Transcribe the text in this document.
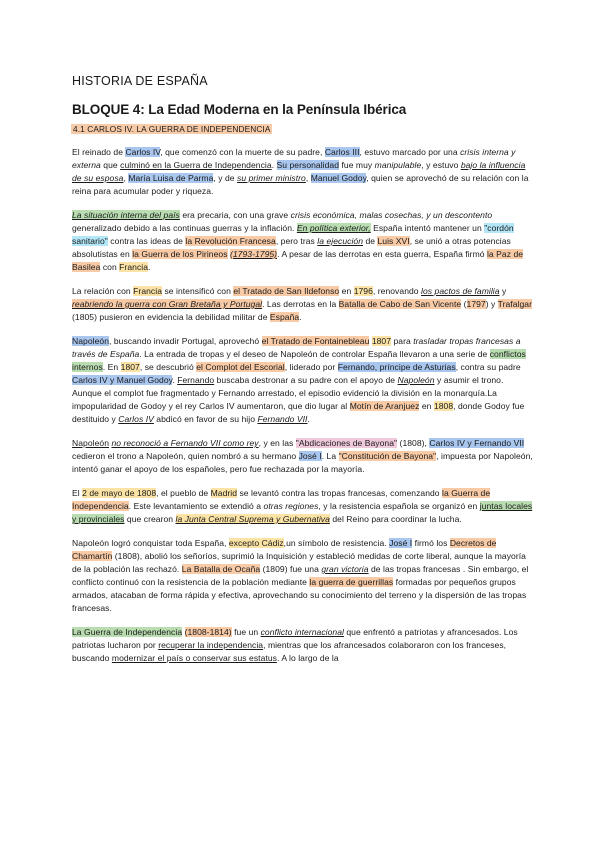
HISTORIA DE ESPAÑA
BLOQUE 4: La Edad Moderna en la Península Ibérica
4.1 CARLOS IV. LA GUERRA DE INDEPENDENCIA

El reinado de Carlos IV, que comenzó con la muerte de su padre, Carlos III, estuvo marcado por una crisis interna y externa que culminó en la Guerra de Independencia. Su personalidad fue muy manipulable, y estuvo bajo la influencia de su esposa, María Luisa de Parma, y de su primer ministro, Manuel Godoy, quien se aprovechó de su relación con la reina para acumular poder y riqueza.

La situación interna del país era precaria, con una grave crisis económica, malas cosechas, y un descontento generalizado debido a las continuas guerras y la inflación. En política exterior, España intentó mantener un "cordón sanitario" contra las ideas de la Revolución Francesa, pero tras la ejecución de Luis XVI, se unió a otras potencias absolutistas en la Guerra de los Pirineos (1793-1795). A pesar de las derrotas en esta guerra, España firmó la Paz de Basilea con Francia.

La relación con Francia se intensificó con el Tratado de San Ildefonso en 1796, renovando los pactos de familia y reabriendo la guerra con Gran Bretaña y Portugal. Las derrotas en la Batalla de Cabo de San Vicente (1797) y Trafalgar (1805) pusieron en evidencia la debilidad militar de España.

Napoleón, buscando invadir Portugal, aprovechó el Tratado de Fontainebleau 1807 para trasladar tropas francesas a través de España. La entrada de tropas y el deseo de Napoleón de controlar España llevaron a una serie de conflictos internos. En 1807, se descubrió el Complot del Escorial, liderado por Fernando, príncipe de Asturias, contra su padre Carlos IV y Manuel Godoy. Fernando buscaba destronar a su padre con el apoyo de Napoleón y asumir el trono. Aunque el complot fue fragmentado y Fernando arrestado, el episodio evidenció la división en la monarquía.La impopularidad de Godoy y el rey Carlos IV aumentaron, que dio lugar al Motín de Aranjuez en 1808, donde Godoy fue destituido y Carlos IV abdicó en favor de su hijo Fernando VII.

Napoleón no reconoció a Fernando VII como rey, y en las "Abdicaciones de Bayona" (1808), Carlos IV y Fernando VII cedieron el trono a Napoleón, quien nombró a su hermano José I. La "Constitución de Bayona", impuesta por Napoleón, intentó ganar el apoyo de los españoles, pero fue rechazada por la mayoría.

El 2 de mayo de 1808, el pueblo de Madrid se levantó contra las tropas francesas, comenzando la Guerra de Independencia. Este levantamiento se extendió a otras regiones, y la resistencia española se organizó en juntas locales y provinciales que crearon la Junta Central Suprema y Gubernativa del Reino para coordinar la lucha.

Napoleón logró conquistar toda España, excepto Cádiz,un símbolo de resistencia. José I firmó los Decretos de Chamartín (1808), abolió los señoríos, suprimió la Inquisición y estableció medidas de corte liberal, aunque la mayoría de la población las rechazó. La Batalla de Ocaña (1809) fue una gran victoria de las tropas francesas . Sin embargo, el conflicto continuó con la resistencia de la población mediante la guerra de guerrillas formadas por pequeños grupos armados, atacaban de forma rápida y efectiva, aprovechando su conocimiento del terreno y la dispersión de las tropas francesas.

La Guerra de Independencia (1808-1814) fue un conflicto internacional que enfrentó a patriotas y afrancesados. Los patriotas lucharon por recuperar la independencia, mientras que los afrancesados colaboraron con los franceses, buscando modernizar el país o conservar sus estatus. A lo largo de la
